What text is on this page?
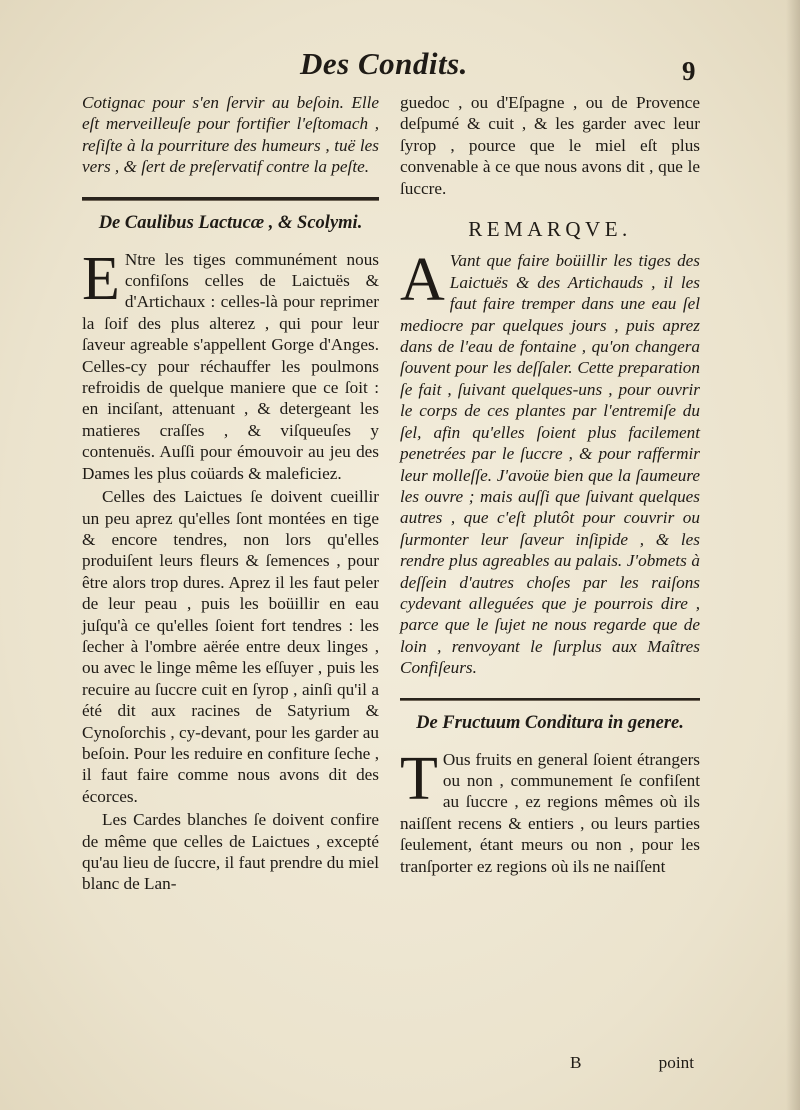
Des Condits.	9

Cotignac pour s'en ſervir au beſoin. Elle eſt merveilleuſe pour fortifier l'eſtomach , reſiſte à la pourriture des humeurs , tuë les vers , & ſert de preſervatif contre la peſte.

De Caulibus Lactucæ , & Scolymi.

E Ntre les tiges communément nous confiſons celles de Laictuës & d'Artichaux : celles-là pour reprimer la ſoif des plus alterez , qui pour leur ſaveur agreable s'appellent Gorge d'Anges. Celles-cy pour réchauffer les poulmons refroidis de quelque maniere que ce ſoit : en inciſant, attenuant , & detergeant les matieres craſſes , & viſqueuſes y contenuës. Auſſi pour émouvoir au jeu des Dames les plus coüards & maleficiez.

Celles des Laictues ſe doivent cueillir un peu aprez qu'elles ſont montées en tige & encore tendres, non lors qu'elles produiſent leurs fleurs & ſemences , pour être alors trop dures. Aprez il les faut peler de leur peau , puis les boüillir en eau juſqu'à ce qu'elles ſoient fort tendres : les ſecher à l'ombre aërée entre deux linges , ou avec le linge même les eſſuyer , puis les recuire au ſuccre cuit en ſyrop , ainſi qu'il a été dit aux racines de Satyrium & Cynoſorchis , cy-devant, pour les garder au beſoin. Pour les reduire en confiture ſeche , il faut faire comme nous avons dit des écorces.

Les Cardes blanches ſe doivent confire de même que celles de Laictues , excepté qu'au lieu de ſuccre, il faut prendre du miel blanc de Lan-

guedoc , ou d'Eſpagne , ou de Provence deſpumé & cuit , & les garder avec leur ſyrop , pource que le miel eſt plus convenable à ce que nous avons dit , que le ſuccre.

REMARQVE.

A Vant que faire boüillir les tiges des Laictuës & des Artichauds , il les faut faire tremper dans une eau ſel mediocre par quelques jours , puis aprez dans de l'eau de fontaine , qu'on changera ſouvent pour les deſſaler. Cette preparation ſe fait , ſuivant quelques-uns , pour ouvrir le corps de ces plantes par l'entremiſe du ſel, afin qu'elles ſoient plus facilement penetrées par le ſuccre , & pour raffermir leur molleſſe. J'avoüe bien que la ſaumeure les ouvre ; mais auſſi que ſuivant quelques autres , que c'eſt plutôt pour couvrir ou ſurmonter leur ſaveur inſipide , & les rendre plus agreables au palais. J'obmets à deſſein d'autres choſes par les raiſons cydevant alleguées que je pourrois dire , parce que le ſujet ne nous regarde que de loin , renvoyant le ſurplus aux Maîtres Confiſeurs.

De Fructuum Conditura in genere.

T Ous fruits en general ſoient étrangers ou non , communement ſe confiſent au ſuccre , ez regions mêmes où ils naiſſent recens & entiers , ou leurs parties ſeulement, étant meurs ou non , pour les tranſporter ez regions où ils ne naiſſent

B	point
